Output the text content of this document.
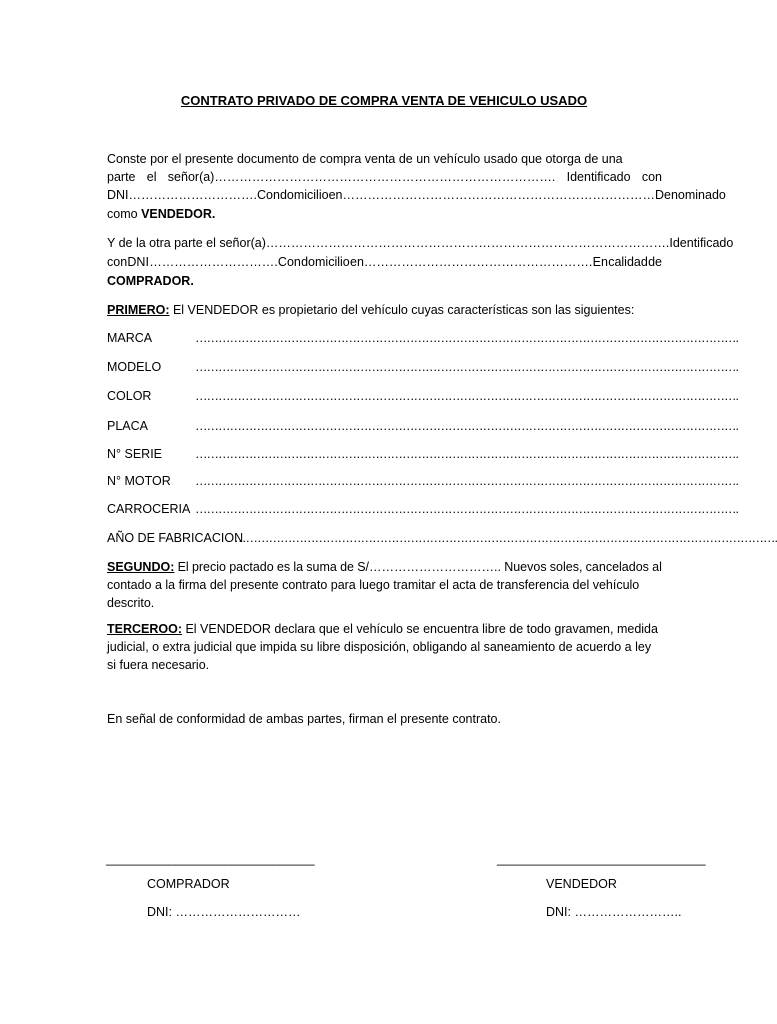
CONTRATO PRIVADO DE COMPRA VENTA DE VEHICULO USADO
Conste por el presente documento de compra venta de un vehículo usado que otorga de una
parte el señor(a)………………………………………………………………………. Identificado con
DNI…………………………. Con domicilio en………………………………………………………………… Denominado
como VENDEDOR.
Y de la otra parte el señor(a)……………………………………………………………………………………. Identificado
con DNI …………………………. Con domicilio en………………………………………………. En calidad de
COMPRADOR.
PRIMERO: El VENDEDOR es propietario del vehículo cuyas características son las siguientes:
MARCA	…………………………………………………………………………………………………………………………….
MODELO	…………………………………………………………………………………………………………………………….
COLOR	…………………………………………………………………………………………………………………………….
PLACA	…………………………………………………………………………………………………………………………….
N° SERIE	…………………………………………………………………………………………………………………………….
N° MOTOR …………………………………………………………………………………………………………………………….
CARROCERIA …………………………………………………………………………………………………………………………….
AÑO DE FABRICACION
…………………………………………………………………………………………………………………………….
SEGUNDO: El precio pactado es la suma de S/………………………….. Nuevos soles, cancelados al
contado a la firma del presente contrato para luego tramitar el acta de transferencia del vehículo
descrito.
TERCEROO: El VENDEDOR declara que el vehículo se encuentra libre de todo gravamen, medida
judicial, o extra judicial que impida su libre disposición, obligando al saneamiento de acuerdo a ley
si fuera necesario.
En señal de conformidad de ambas partes, firman el presente contrato.
______________________________	______________________________
COMPRADOR	VENDEDOR
DNI: …………………………	DNI: ……………………..
